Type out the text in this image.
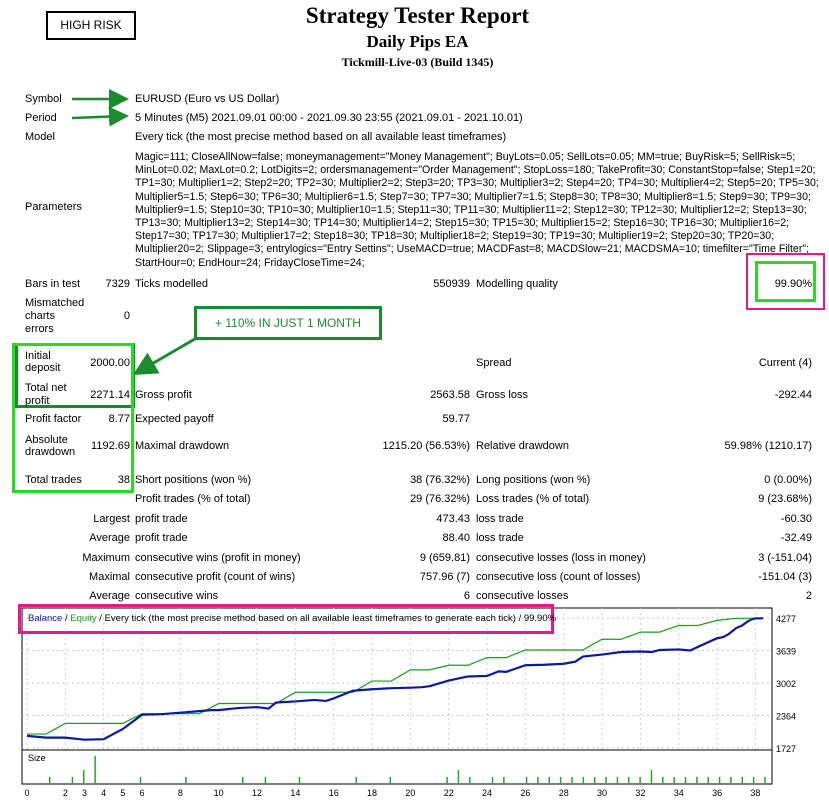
HIGH RISK	Strategy Tester Report
Daily Pips EA
Tickmill-Live-03 (Build 1345)
Symbol	EURUSD (Euro vs US Dollar)
Period	5 Minutes (M5) 2021.09.01 00:00 - 2021.09.30 23:55 (2021.09.01 - 2021.10.01)
Model	Every tick (the most precise method based on all available least timeframes)
Parameters
Magic=111; CloseAllNow=false; moneymanagement="Money Management"; BuyLots=0.05; SellLots=0.05; MM=true; BuyRisk=5; SellRisk=5; MinLot=0.02; MaxLot=0.2; LotDigits=2; ordersmanagement="Order Management"; StopLoss=180; TakeProfit=30; ConstantStop=false; Step1=20; TP1=30; Multiplier1=2; Step2=20; TP2=30; Multiplier2=2; Step3=20; TP3=30; Multiplier3=2; Step4=20; TP4=30; Multiplier4=2; Step5=20; TP5=30; Multiplier5=1.5; Step6=30; TP6=30; Multiplier6=1.5; Step7=30; TP7=30; Multiplier7=1.5; Step8=30; TP8=30; Multiplier8=1.5; Step9=30; TP9=30; Multiplier9=1.5; Step10=30; TP10=30; Multiplier10=1.5; Step11=30; TP11=30; Multiplier11=2; Step12=30; TP12=30; Multiplier12=2; Step13=30; TP13=30; Multiplier13=2; Step14=30; TP14=30; Multiplier14=2; Step15=30; TP15=30; Multiplier15=2; Step16=30; TP16=30; Multiplier16=2; Step17=30; TP17=30; Multiplier17=2; Step18=30; TP18=30; Multiplier18=2; Step19=30; TP19=30; Multiplier19=2; Step20=30; TP20=30; Multiplier20=2; Slippage=3; entrylogics="Entry Settins"; UseMACD=true; MACDFast=8; MACDSlow=21; MACDSMA=10; timefilter="Time Filter"; StartHour=0; EndHour=24; FridayCloseTime=24;
Bars in test	7329 Ticks modelled	550939 Modelling quality	99.90%
Mismatched
charts
errors
0	+ 110% IN JUST 1 MONTH
Initial
deposit	2000.00	Spread	Current (4)
Total net
profit	2271.14 Gross profit	2563.58 Gross loss	-292.44
Profit factor	8.77 Expected payoff	59.77
Absolute
drawdown	1192.69 Maximal drawdown	1215.20 (56.53%) Relative drawdown	59.98% (1210.17)
Total trades	38 Short positions (won %)	38 (76.32%) Long positions (won %)	0 (0.00%)
Profit trades (% of total)	29 (76.32%) Loss trades (% of total)	9 (23.68%)
Largest profit trade	473.43 loss trade	-60.30
Average profit trade	88.40 loss trade	-32.49
Maximum consecutive wins (profit in money)	9 (659.81) consecutive losses (loss in money)	3 (-151.04)
Maximal consecutive profit (count of wins)	757.96 (7) consecutive loss (count of losses)	-151.04 (3)
Average consecutive wins	6 consecutive losses	2
1727
2364
3002
3639
4277
Size
0	2 3 4 5 6	8	10	12	14	16	18	20	22	24	26	28	30	32	34	36	38
Balance / Equity / Every tick (the most precise method based on all available least timeframes to generate each tick) / 99.90%
